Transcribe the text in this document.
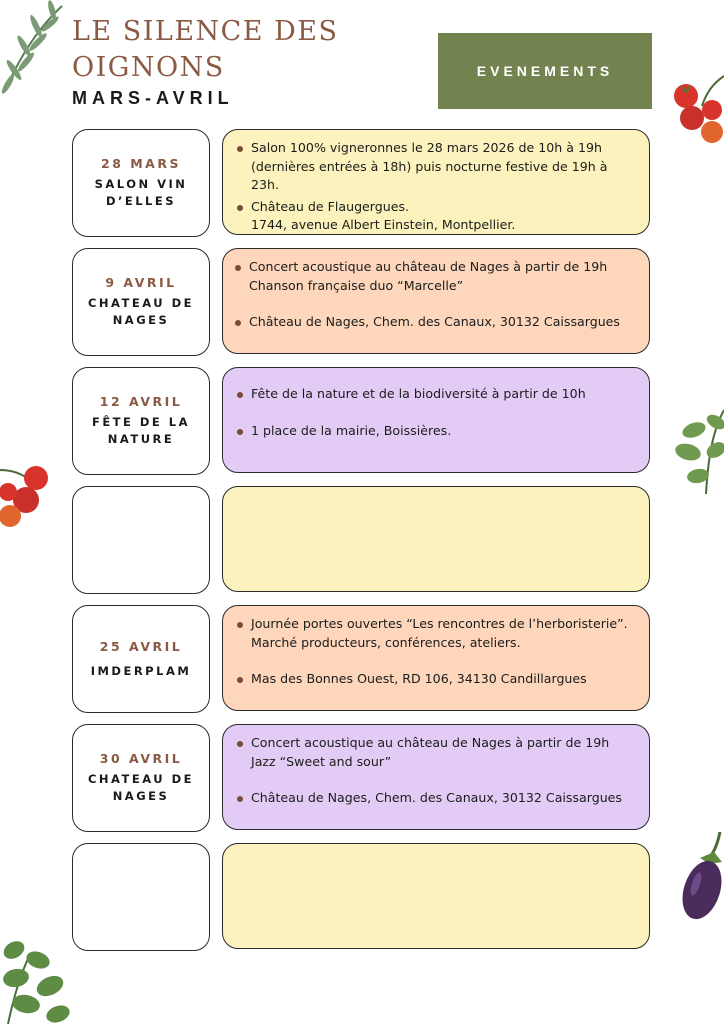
LE SILENCE DES OIGNONS
MARS-AVRIL
EVENEMENTS
28 MARS
SALON VIN D’ELLES
Salon 100% vigneronnes le 28 mars 2026 de 10h à 19h (dernières entrées à 18h) puis nocturne festive de 19h à 23h.
Château de Flaugergues.
1744, avenue Albert Einstein, Montpellier.
9 AVRIL
CHATEAU DE NAGES
Concert acoustique au château de Nages à partir de 19h
Chanson française duo “Marcelle”
Château de Nages, Chem. des Canaux, 30132 Caissargues
12 AVRIL
FÊTE DE LA NATURE
Fête de la nature et de la biodiversité à partir de 10h
1 place de la mairie, Boissières.
25 AVRIL
IMDERPLAM
Journée portes ouvertes “Les rencontres de l’herboristerie”. Marché producteurs, conférences, ateliers.
Mas des Bonnes Ouest, RD 106, 34130 Candillargues
30 AVRIL
CHATEAU DE NAGES
Concert acoustique au château de Nages à partir de 19h
Jazz “Sweet and sour”
Château de Nages, Chem. des Canaux, 30132 Caissargues
